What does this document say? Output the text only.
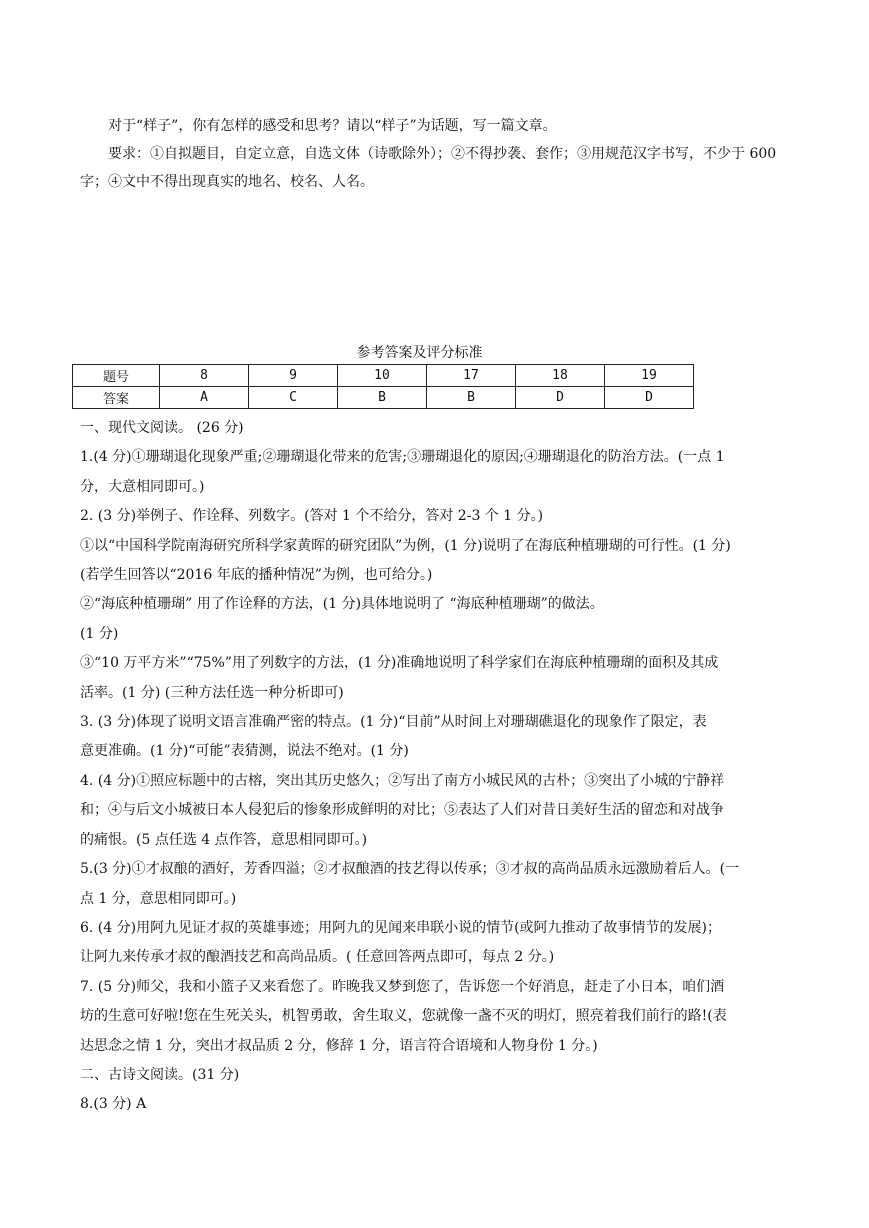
对于“样子”，你有怎样的感受和思考？请以“样子”为话题，写一篇文章。

要求：①自拟题目，自定立意，自选文体（诗歌除外）；②不得抄袭、套作；③用规范汉字书写，不少于 600 字；④文中不得出现真实的地名、校名、人名。

参考答案及评分标准
题号	8	9	10	17	18	19
答案	A	C	B	B	D	D

一、现代文阅读。 (26 分)

1.(4 分)①珊瑚退化现象严重;②珊瑚退化带来的危害;③珊瑚退化的原因;④珊瑚退化的防治方法。(一点 1

分，大意相同即可。)

2. (3 分)举例子、作诠释、列数字。(答对 1 个不给分，答对 2-3 个 1 分。)

①以“中国科学院南海研究所科学家黄晖的研究团队”为例，(1 分)说明了在海底种植珊瑚的可行性。(1 分)

(若学生回答以“2016 年底的播种情况”为例，也可给分。)

②“海底种植珊瑚” 用了作诠释的方法，(1 分)具体地说明了 “海底种植珊瑚”的做法。

(1 分)

③“10 万平方米”“75%”用了列数字的方法，(1 分)准确地说明了科学家们在海底种植珊瑚的面积及其成

活率。(1 分) (三种方法任选一种分析即可)

3. (3 分)体现了说明文语言准确严密的特点。(1 分)“目前”从时间上对珊瑚礁退化的现象作了限定，表

意更准确。(1 分)“可能”表猜测，说法不绝对。(1 分)

4. (4 分)①照应标题中的古榕，突出其历史悠久；②写出了南方小城民风的古朴；③突出了小城的宁静祥

和；④与后文小城被日本人侵犯后的惨象形成鲜明的对比；⑤表达了人们对昔日美好生活的留恋和对战争

的痛恨。(5 点任选 4 点作答，意思相同即可。)

5.(3 分)①才叔酿的酒好，芳香四溢；②才叔酿酒的技艺得以传承；③才叔的高尚品质永远激励着后人。(一

点 1 分，意思相同即可。)

6. (4 分)用阿九见证才叔的英雄事迹；用阿九的见闻来串联小说的情节(或阿九推动了故事情节的发展)；

让阿九来传承才叔的酿酒技艺和高尚品质。( 任意回答两点即可，每点 2 分。)

7. (5 分)师父，我和小篮子又来看您了。昨晚我又梦到您了，告诉您一个好消息，赶走了小日本，咱们酒

坊的生意可好啦!您在生死关头，机智勇敢，舍生取义，您就像一盏不灭的明灯，照亮着我们前行的路!(表

达思念之情 1 分，突出才叔品质 2 分，修辞 1 分，语言符合语境和人物身份 1 分。)

二、古诗文阅读。(31 分)

8.(3 分) A
